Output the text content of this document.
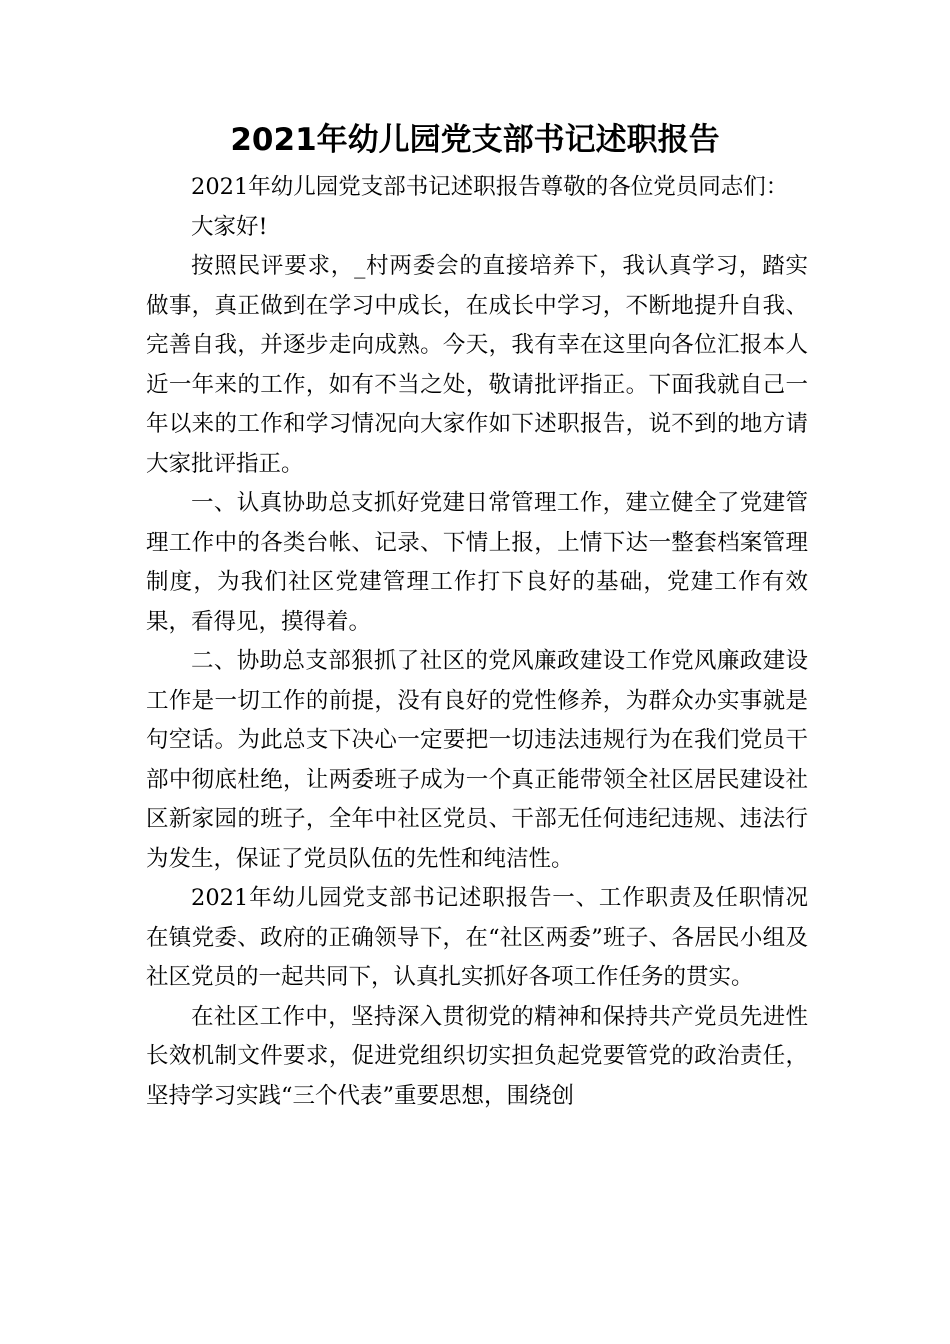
2021年幼儿园党支部书记述职报告

2021年幼儿园党支部书记述职报告尊敬的各位党员同志们：

大家好!

按照民评要求，_村两委会的直接培养下，我认真学习，踏实做事，真正做到在学习中成长，在成长中学习，不断地提升自我、完善自我，并逐步走向成熟。今天，我有幸在这里向各位汇报本人近一年来的工作，如有不当之处，敬请批评指正。下面我就自己一年以来的工作和学习情况向大家作如下述职报告，说不到的地方请大家批评指正。

一、认真协助总支抓好党建日常管理工作，建立健全了党建管理工作中的各类台帐、记录、下情上报，上情下达一整套档案管理制度，为我们社区党建管理工作打下良好的基础，党建工作有效果，看得见，摸得着。

二、协助总支部狠抓了社区的党风廉政建设工作党风廉政建设工作是一切工作的前提，没有良好的党性修养，为群众办实事就是句空话。为此总支下决心一定要把一切违法违规行为在我们党员干部中彻底杜绝，让两委班子成为一个真正能带领全社区居民建设社区新家园的班子，全年中社区党员、干部无任何违纪违规、违法行为发生，保证了党员队伍的先性和纯洁性。

2021年幼儿园党支部书记述职报告一、工作职责及任职情况在镇党委、政府的正确领导下，在“社区两委”班子、各居民小组及社区党员的一起共同下，认真扎实抓好各项工作任务的贯实。

在社区工作中，坚持深入贯彻党的精神和保持共产党员先进性长效机制文件要求，促进党组织切实担负起党要管党的政治责任，坚持学习实践“三个代表”重要思想，围绕创
